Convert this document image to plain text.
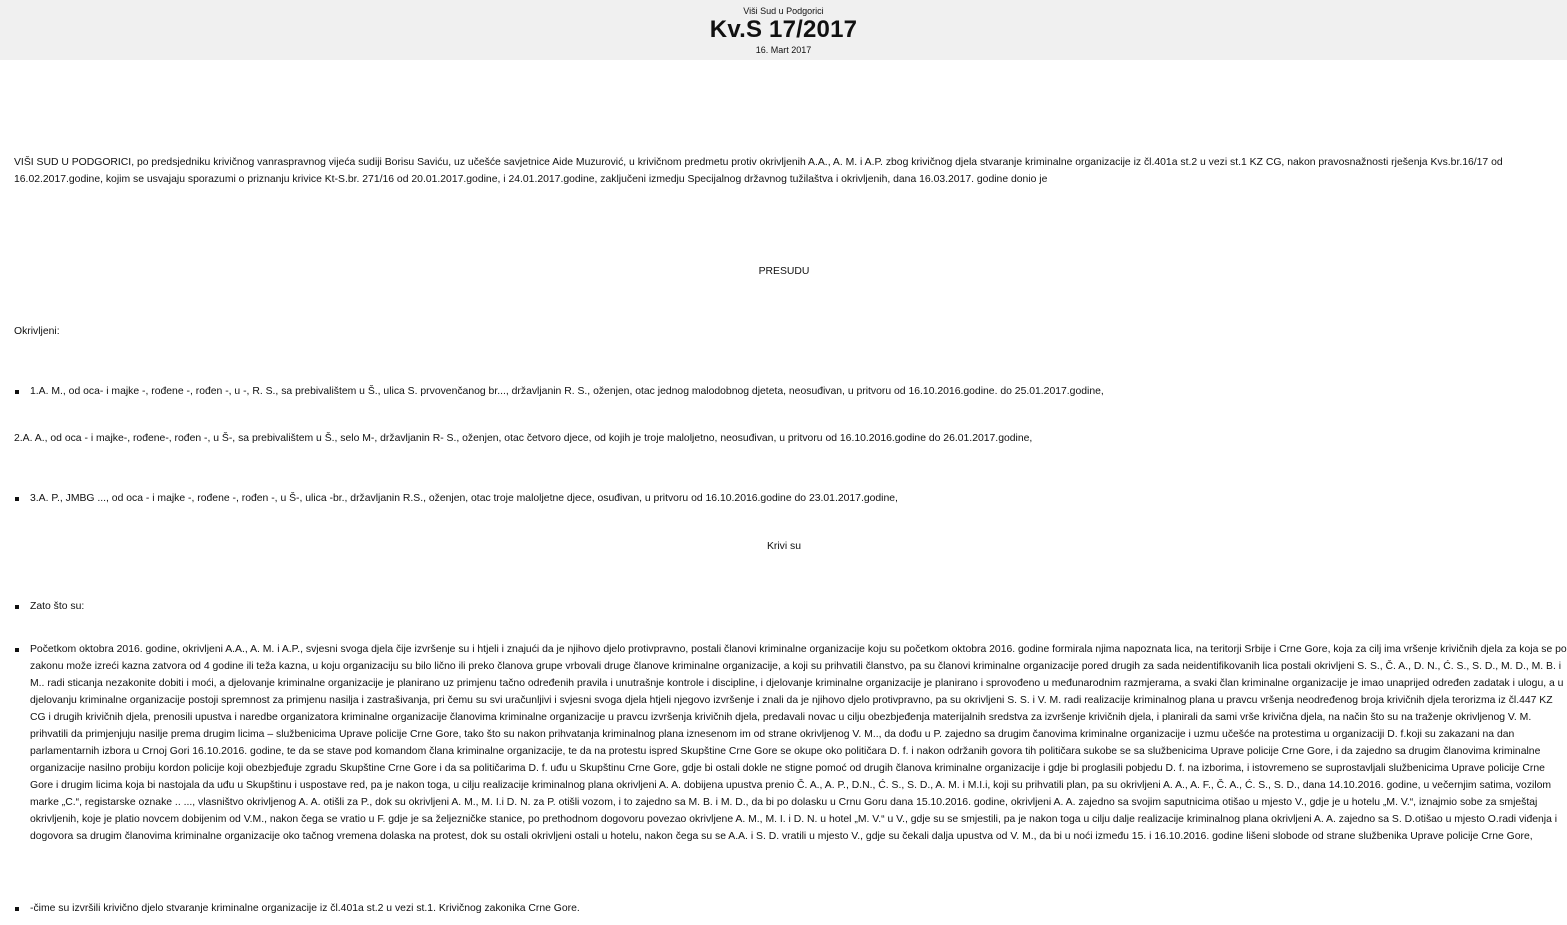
Viši Sud u Podgorici
Kv.S 17/2017
16. Mart 2017

VIŠI SUD U PODGORICI, po predsjedniku krivičnog vanraspravnog vijeća sudiji Borisu Saviću, uz učešće savjetnice Aide Muzurović, u krivičnom predmetu protiv okrivljenih A.A., A. M. i A.P. zbog krivičnog djela stvaranje kriminalne organizacije iz čl.401a st.2 u vezi st.1 KZ CG, nakon pravosnažnosti rješenja Kvs.br.16/17 od 16.02.2017.godine, kojim se usvajaju sporazumi o priznanju krivice Kt-S.br. 271/16 od 20.01.2017.godine, i 24.01.2017.godine, zaključeni izmedju Specijalnog državnog tužilaštva i okrivljenih, dana 16.03.2017. godine donio je

PRESUDU

Okrivljeni:

1.A. M., od oca- i majke -, rođene -, rođen -, u -, R. S., sa prebivalištem u Š., ulica S. prvovenčanog br..., državljanin R. S., oženjen, otac jednog malodobnog djeteta, neosuđivan, u pritvoru od 16.10.2016.godine. do 25.01.2017.godine,

2.A. A., od oca - i majke-, rođene-, rođen -, u Š-, sa prebivalištem u Š., selo M-, državljanin R- S., oženjen, otac četvoro djece, od kojih je troje maloljetno, neosuđivan, u pritvoru od 16.10.2016.godine do 26.01.2017.godine,

3.A. P., JMBG ..., od oca - i majke -, rođene -, rođen -, u Š-, ulica -br., državljanin R.S., oženjen, otac troje maloljetne djece, osuđivan, u pritvoru od 16.10.2016.godine do 23.01.2017.godine,

Krivi su

Zato što su:

Početkom oktobra 2016. godine, okrivljeni A.A., A. M. i A.P., svjesni svoga djela čije izvršenje su i htjeli i znajući da je njihovo djelo protivpravno, postali članovi kriminalne organizacije koju su početkom oktobra 2016. godine formirala njima napoznata lica, na teritorji Srbije i Crne Gore, koja za cilj ima vršenje krivičnih djela za koja se po zakonu može izreći kazna zatvora od 4 godine ili teža kazna, u koju organizaciju su bilo lično ili preko članova grupe vrbovali druge članove kriminalne organizacije, a koji su prihvatili članstvo, pa su članovi kriminalne organizacije pored drugih za sada neidentifikovanih lica postali okrivljeni S. S., Č. A., D. N., Ć. S., S. D., M. D., M. B. i M.. radi sticanja nezakonite dobiti i moći, a djelovanje kriminalne organizacije je planirano uz primjenu tačno određenih pravila i unutrašnje kontrole i discipline, i djelovanje kriminalne organizacije je planirano i sprovođeno u međunarodnim razmjerama, a svaki član kriminalne organizacije je imao unaprijed određen zadatak i ulogu, a u djelovanju kriminalne organizacije postoji spremnost za primjenu nasilja i zastrašivanja, pri čemu su svi uračunljivi i svjesni svoga djela htjeli njegovo izvršenje i znali da je njihovo djelo protivpravno, pa su okrivljeni S. S. i V. M. radi realizacije kriminalnog plana u pravcu vršenja neodređenog broja krivičnih djela terorizma iz čl.447 KZ CG i drugih krivičnih djela, prenosili upustva i naredbe organizatora kriminalne organizacije članovima kriminalne organizacije u pravcu izvršenja krivičnih djela, predavali novac u cilju obezbjeđenja materijalnih sredstva za izvršenje krivičnih djela, i planirali da sami vrše krivična djela, na način što su na traženje okrivljenog V. M. prihvatili da primjenjuju nasilje prema drugim licima – službenicima Uprave policije Crne Gore, tako što su nakon prihvatanja kriminalnog plana iznesenom im od strane okrivljenog V. M.., da dođu u P. zajedno sa drugim čanovima kriminalne organizacije i uzmu učešće na protestima u organizaciji D. f.koji su zakazani na dan parlamentarnih izbora u Crnoj Gori 16.10.2016. godine, te da se stave pod komandom člana kriminalne organizacije, te da na protestu ispred Skupštine Crne Gore se okupe oko političara D. f. i nakon održanih govora tih političara sukobe se sa službenicima Uprave policije Crne Gore, i da zajedno sa drugim članovima kriminalne organizacije nasilno probiju kordon policije koji obezbjeđuje zgradu Skupštine Crne Gore i da sa političarima D. f. uđu u Skupštinu Crne Gore, gdje bi ostali dokle ne stigne pomoć od drugih članova kriminalne organizacije i gdje bi proglasili pobjedu D. f. na izborima, i istovremeno se suprostavljali službenicima Uprave policije Crne Gore i drugim licima koja bi nastojala da uđu u Skupštinu i uspostave red, pa je nakon toga, u cilju realizacije kriminalnog plana okrivljeni A. A. dobijena upustva prenio Č. A., A. P., D.N., Ć. S., S. D., A. M. i M.I.i, koji su prihvatili plan, pa su okrivljeni A. A., A. F., Č. A., Ć. S., S. D., dana 14.10.2016. godine, u večernjim satima, vozilom marke „C.“, registarske oznake .. ..., vlasništvo okrivljenog A. A. otišli za P., dok su okrivljeni A. M., M. I.i D. N. za P. otišli vozom, i to zajedno sa M. B. i M. D., da bi po dolasku u Crnu Goru dana 15.10.2016. godine, okrivljeni A. A. zajedno sa svojim saputnicima otišao u mjesto V., gdje je u hotelu „M. V.“, iznajmio sobe za smještaj okrivljenih, koje je platio novcem dobijenim od V.M., nakon čega se vratio u F. gdje je sa željezničke stanice, po prethodnom dogovoru povezao okrivljene A. M., M. I. i D. N. u hotel „M. V.“ u V., gdje su se smjestili, pa je nakon toga u cilju dalje realizacije kriminalnog plana okrivljeni A. A. zajedno sa S. D.otišao u mjesto O.radi viđenja i dogovora sa drugim članovima kriminalne organizacije oko tačnog vremena dolaska na protest, dok su ostali okrivljeni ostali u hotelu, nakon čega su se A.A. i S. D. vratili u mjesto V., gdje su čekali dalja upustva od V. M., da bi u noći između 15. i 16.10.2016. godine lišeni slobode od strane službenika Uprave policije Crne Gore,

-čime su izvršili krivično djelo stvaranje kriminalne organizacije iz čl.401a st.2 u vezi st.1. Krivičnog zakonika Crne Gore.
